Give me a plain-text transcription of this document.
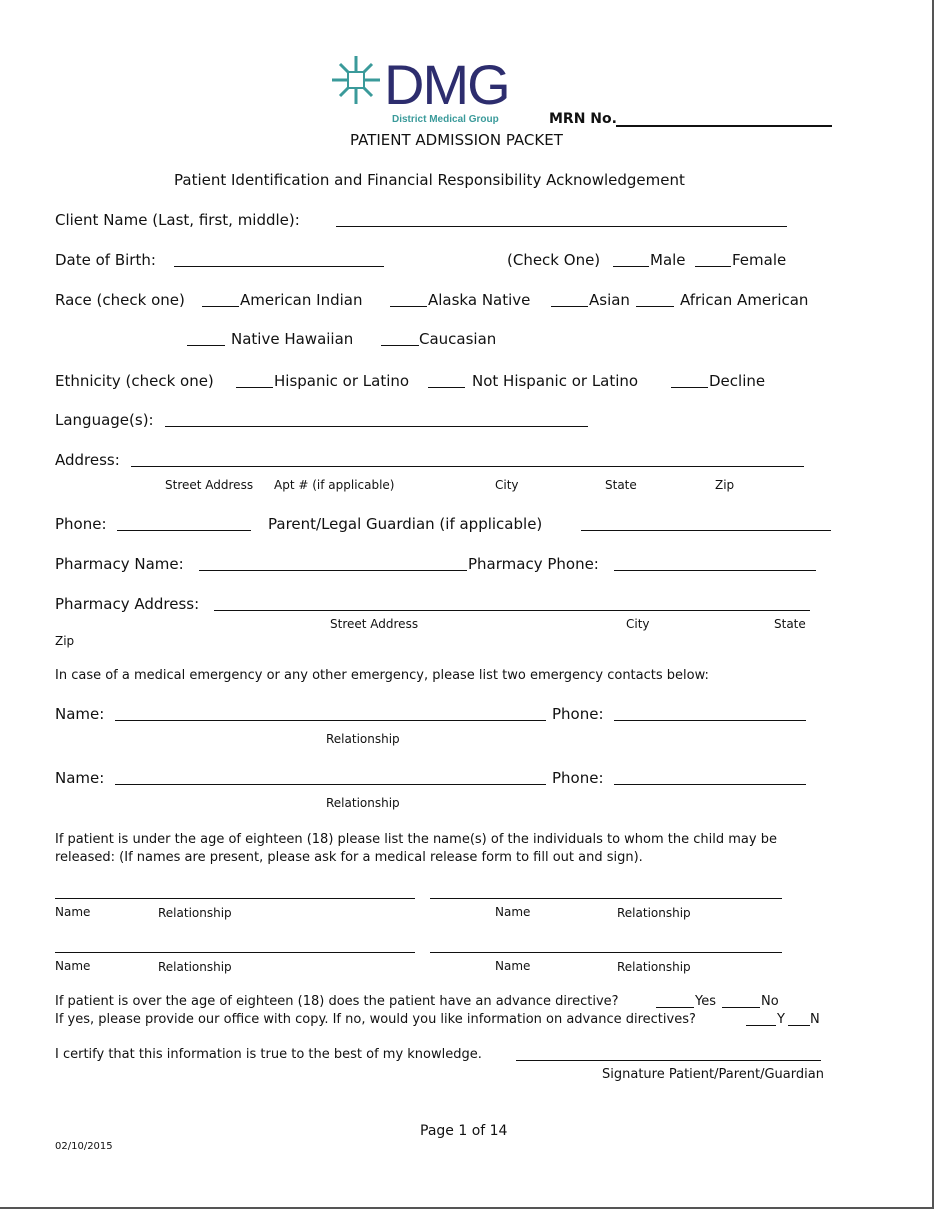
DMG
District Medical Group	MRN No.
PATIENT ADMISSION PACKET
Patient Identification and Financial Responsibility Acknowledgement
Client Name (Last, first, middle):
Date of Birth:	(Check One)	Male	Female
Race (check one)	American Indian	Alaska Native	Asian	African American
Native Hawaiian	Caucasian
Ethnicity (check one)	Hispanic or Latino	Not Hispanic or Latino	Decline
Language(s):
Address:
Street Address Apt # (if applicable)	City	State	Zip
Phone:	Parent/Legal Guardian (if applicable)
Pharmacy Name:	Pharmacy Phone:
Pharmacy Address:
Street Address	City	State
Zip
In case of a medical emergency or any other emergency, please list two emergency contacts below:
Name:	Phone:
Relationship
Name:	Phone:
Relationship
If patient is under the age of eighteen (18) please list the name(s) of the individuals to whom the child may be
released: (If names are present, please ask for a medical release form to fill out and sign).
Name	Relationship	Name	Relationship
Name	Relationship	Name	Relationship
If patient is over the age of eighteen (18) does the patient have an advance directive?	Yes	No
If yes, please provide our office with copy. If no, would you like information on advance directives?	Y N
I certify that this information is true to the best of my knowledge.
Signature Patient/Parent/Guardian
Page 1 of 14
02/10/2015
